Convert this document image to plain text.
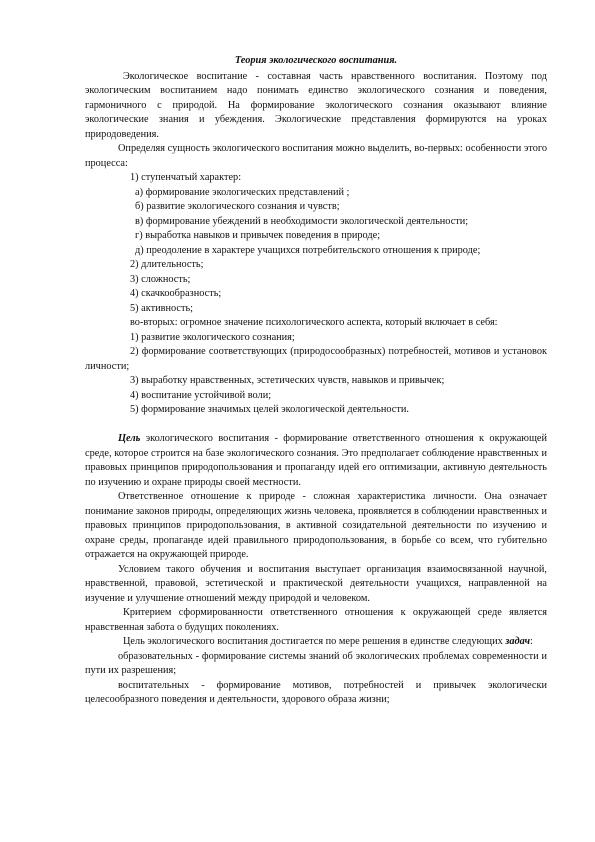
Теория экологического воспитания.

Экологическое воспитание - составная часть нравственного воспитания. Поэтому под экологическим воспитанием надо понимать единство экологического сознания и поведения, гармоничного с природой. На формирование экологического сознания оказывают влияние экологические знания и убеждения. Экологические представления формируются на уроках природоведения.

Определяя сущность экологического воспитания можно выделить, во-первых: особенности этого процесса:

1) ступенчатый характер:

а) формирование экологических представлений ;

б) развитие экологического сознания и чувств;

в) формирование убеждений в необходимости экологической деятельности;

г) выработка навыков и привычек поведения в природе;

д) преодоление в характере учащихся потребительского отношения к природе;

2) длительность;

3) сложность;

4) скачкообразность;

5) активность;

во-вторых: огромное значение психологического аспекта, который включает в себя:

1) развитие экологического сознания;

2) формирование соответствующих (природосообразных) потребностей, мотивов и установок личности;

3) выработку нравственных, эстетических чувств, навыков и привычек;

4) воспитание устойчивой воли;

5) формирование значимых целей экологической деятельности.

Цель экологического воспитания - формирование ответственного отношения к окружающей среде, которое строится на базе экологического сознания. Это предполагает соблюдение нравственных и правовых принципов природопользования и пропаганду идей его оптимизации, активную деятельность по изучению и охране природы своей местности.

Ответственное отношение к природе - сложная характеристика личности. Она означает понимание законов природы, определяющих жизнь человека, проявляется в соблюдении нравственных и правовых принципов природопользования, в активной созидательной деятельности по изучению и охране среды, пропаганде идей правильного природопользования, в борьбе со всем, что губительно отражается на окружающей природе.

Условием такого обучения и воспитания выступает организация взаимосвязанной научной, нравственной, правовой, эстетической и практической деятельности учащихся, направленной на изучение и улучшение отношений между природой и человеком.

Критерием сформированности ответственного отношения к окружающей среде является нравственная забота о будущих поколениях.

Цель экологического воспитания достигается по мере решения в единстве следующих задач:

образовательных - формирование системы знаний об экологических проблемах современности и пути их разрешения;

воспитательных - формирование мотивов, потребностей и привычек экологически целесообразного поведения и деятельности, здорового образа жизни;
